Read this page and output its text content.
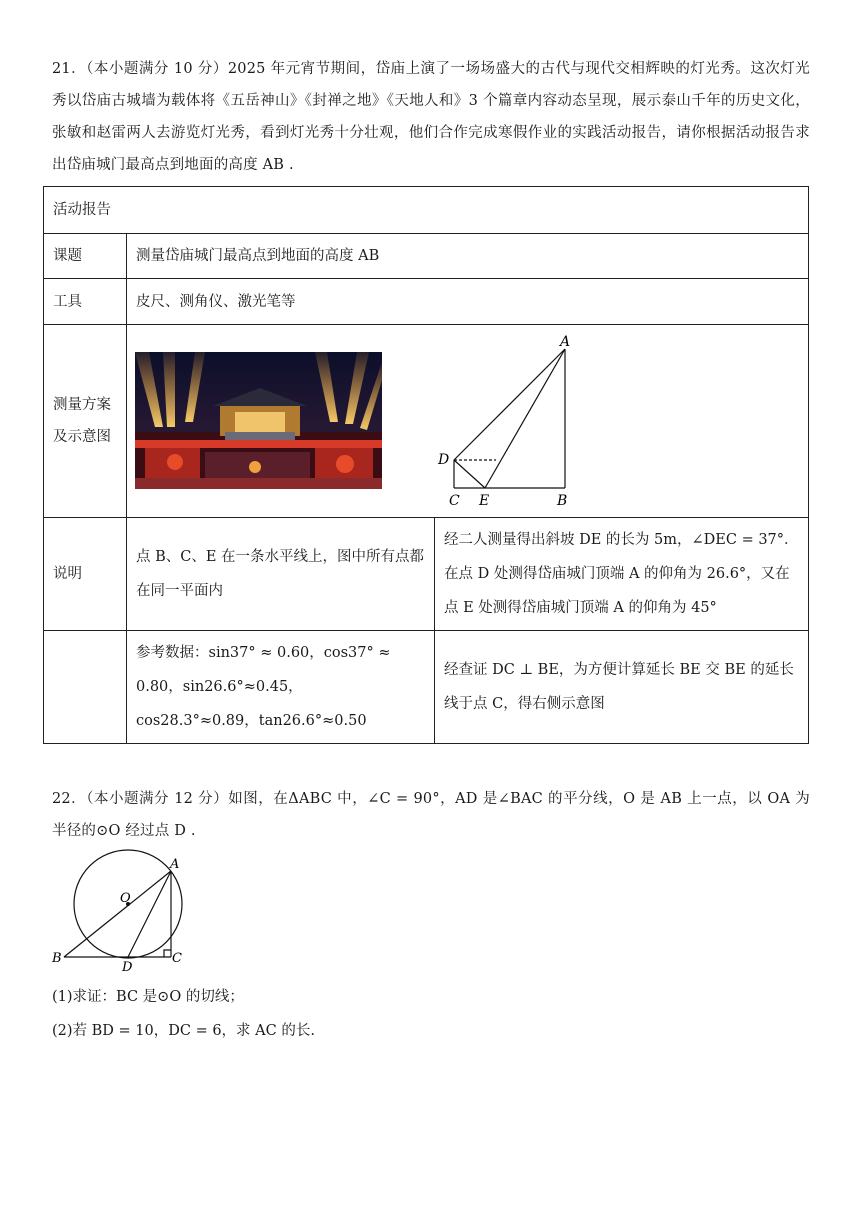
21．（本小题满分 10 分）2025 年元宵节期间，岱庙上演了一场场盛大的古代与现代交相辉映的灯光秀。这次灯光秀以岱庙古城墙为载体将《五岳神山》《封禅之地》《天地人和》3 个篇章内容动态呈现，展示泰山千年的历史文化，张敏和赵雷两人去游览灯光秀，看到灯光秀十分壮观，他们合作完成寒假作业的实践活动报告，请你根据活动报告求出岱庙城门最高点到地面的高度 AB .
活动报告		
课题	测量岱庙城门最高点到地面的高度 AB	
工具	皮尺、测角仪、激光笔等	
测量方案及示意图		
说明	点 B、C、E 在一条水平线上，图中所有点都在同一平面内	经二人测量得出斜坡 DE 的长为 5m，∠DEC = 37°．在点 D 处测得岱庙城门顶端 A 的仰角为 26.6°，又在点 E 处测得岱庙城门顶端 A 的仰角为 45°
	参考数据：sin37° ≈ 0.60，cos37° ≈ 0.80，sin26.6°≈0.45，cos28.3°≈0.89，tan26.6°≈0.50	经查证 DC ⊥ BE，为方便计算延长 BE 交 BE 的延长线于点 C，得右侧示意图
A
B
C
D
E
22．（本小题满分 12 分）如图，在ΔABC 中，∠C = 90°，AD 是∠BAC 的平分线，O 是 AB 上一点，以 OA 为半径的⊙O 经过点 D .
A
B	C
D
O
(1)求证：BC 是⊙O 的切线；
(2)若 BD = 10，DC = 6，求 AC 的长.
